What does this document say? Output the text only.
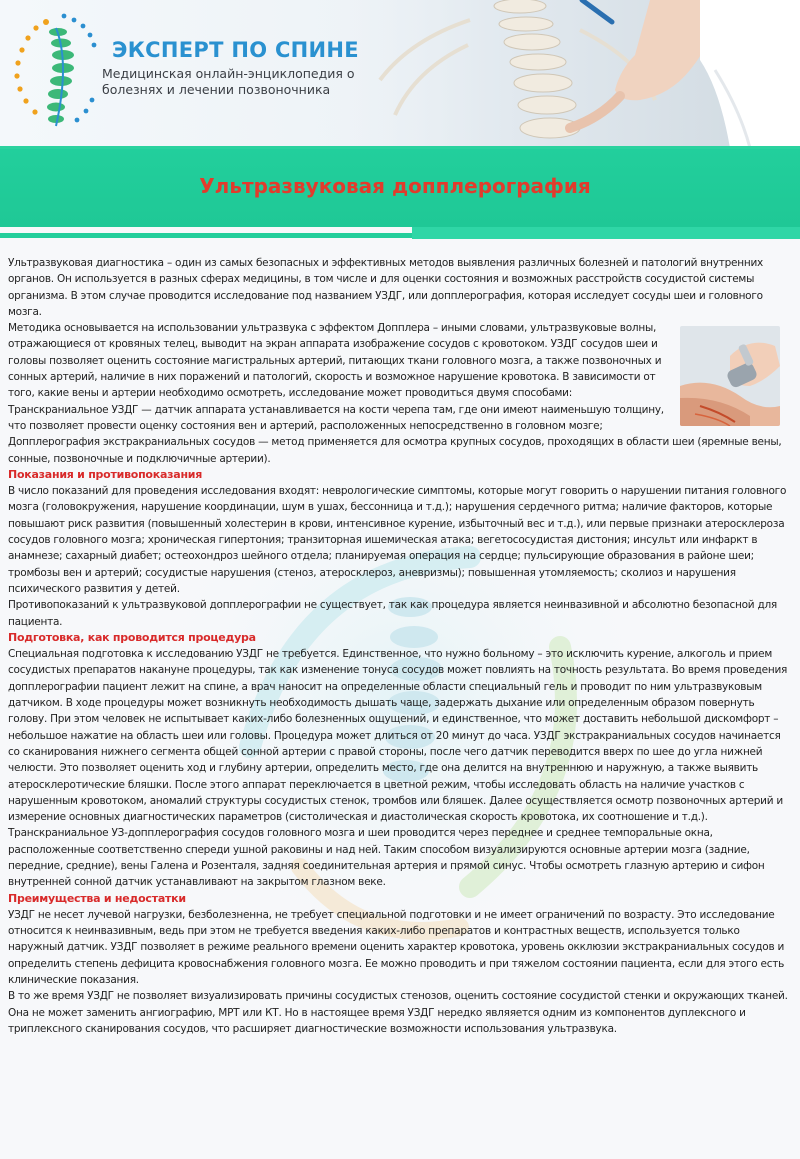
ЭКСПЕРТ ПО СПИНЕ
Медицинская онлайн-энциклопедия о болезнях и лечении позвоночника
Ультразвуковая допплерография

Ультразвуковая диагностика – один из самых безопасных и эффективных методов выявления различных болезней и патологий внутренних органов. Он используется в разных сферах медицины, в том числе и для оценки состояния и возможных расстройств сосудистой системы организма. В этом случае проводится исследование под названием УЗДГ, или допплерография, которая исследует сосуды шеи и головного мозга.

Методика основывается на использовании ультразвука с эффектом Допплера – иными словами, ультразвуковые волны, отражающиеся от кровяных телец, выводит на экран аппарата изображение сосудов с кровотоком. УЗДГ сосудов шеи и головы позволяет оценить состояние магистральных артерий, питающих ткани головного мозга, а также позвоночных и сонных артерий, наличие в них поражений и патологий, скорость и возможное нарушение кровотока. В зависимости от того, какие вены и артерии необходимо осмотреть, исследование может проводиться двумя способами: Транскраниальное УЗДГ — датчик аппарата устанавливается на кости черепа там, где они имеют наименьшую толщину, что позволяет провести оценку состояния вен и артерий, расположенных непосредственно в головном мозге; Допплерография экстракраниальных сосудов — метод применяется для осмотра крупных сосудов, проходящих в области шеи (яремные вены, сонные, позвоночные и подключичные артерии).

Показания и противопоказания

В число показаний для проведения исследования входят: неврологические симптомы, которые могут говорить о нарушении питания головного мозга (головокружения, нарушение координации, шум в ушах, бессонница и т.д.); нарушения сердечного ритма; наличие факторов, которые повышают риск развития (повышенный холестерин в крови, интенсивное курение, избыточный вес и т.д.), или первые признаки атеросклероза сосудов головного мозга; хроническая гипертония; транзиторная ишемическая атака; вегетососудистая дистония; инсульт или инфаркт в анамнезе; сахарный диабет; остеохондроз шейного отдела; планируемая операция на сердце; пульсирующие образования в районе шеи; тромбозы вен и артерий; сосудистые нарушения (стеноз, атеросклероз, аневризмы); повышенная утомляемость; сколиоз и нарушения психического развития у детей.

Противопоказаний к ультразвуковой допплерографии не существует, так как процедура является неинвазивной и абсолютно безопасной для пациента.

Подготовка, как проводится процедура

Специальная подготовка к исследованию УЗДГ не требуется. Единственное, что нужно больному – это исключить курение, алкоголь и прием сосудистых препаратов накануне процедуры, так как изменение тонуса сосудов может повлиять на точность результата. Во время проведения допплерографии пациент лежит на спине, а врач наносит на определенные области специальный гель и проводит по ним ультразвуковым датчиком. В ходе процедуры может возникнуть необходимость дышать чаще, задержать дыхание или определенным образом повернуть голову. При этом человек не испытывает каких-либо болезненных ощущений, и единственное, что может доставить небольшой дискомфорт – небольшое нажатие на область шеи или головы. Процедура может длиться от 20 минут до часа. УЗДГ экстракраниальных сосудов начинается со сканирования нижнего сегмента общей сонной артерии с правой стороны, после чего датчик переводится вверх по шее до угла нижней челюсти. Это позволяет оценить ход и глубину артерии, определить место, где она делится на внутреннюю и наружную, а также выявить атеросклеротические бляшки. После этого аппарат переключается в цветной режим, чтобы исследовать область на наличие участков с нарушенным кровотоком, аномалий структуры сосудистых стенок, тромбов или бляшек. Далее осуществляется осмотр позвоночных артерий и измерение основных диагностических параметров (систолическая и диастолическая скорость кровотока, их соотношение и т.д.). Транскраниальное УЗ-допплерография сосудов головного мозга и шеи проводится через переднее и среднее темпоральные окна, расположенные соответственно спереди ушной раковины и над ней. Таким способом визуализируются основные артерии мозга (задние, передние, средние), вены Галена и Розенталя, задняя соединительная артерия и прямой синус. Чтобы осмотреть глазную артерию и сифон внутренней сонной датчик устанавливают на закрытом глазном веке.

Преимущества и недостатки

УЗДГ не несет лучевой нагрузки, безболезненна, не требует специальной подготовки и не имеет ограничений по возрасту. Это исследование относится к неинвазивным, ведь при этом не требуется введения каких-либо препаратов и контрастных веществ, используется только наружный датчик. УЗДГ позволяет в режиме реального времени оценить характер кровотока, уровень окклюзии экстракраниальных сосудов и определить степень дефицита кровоснабжения головного мозга. Ее можно проводить и при тяжелом состоянии пациента, если для этого есть клинические показания.

В то же время УЗДГ не позволяет визуализировать причины сосудистых стенозов, оценить состояние сосудистой стенки и окружающих тканей. Она не может заменить ангиографию, МРТ или КТ. Но в настоящее время УЗДГ нередко являяется одним из компонентов дуплексного и триплексного сканирования сосудов, что расширяет диагностические возможности использования ультразвука.
